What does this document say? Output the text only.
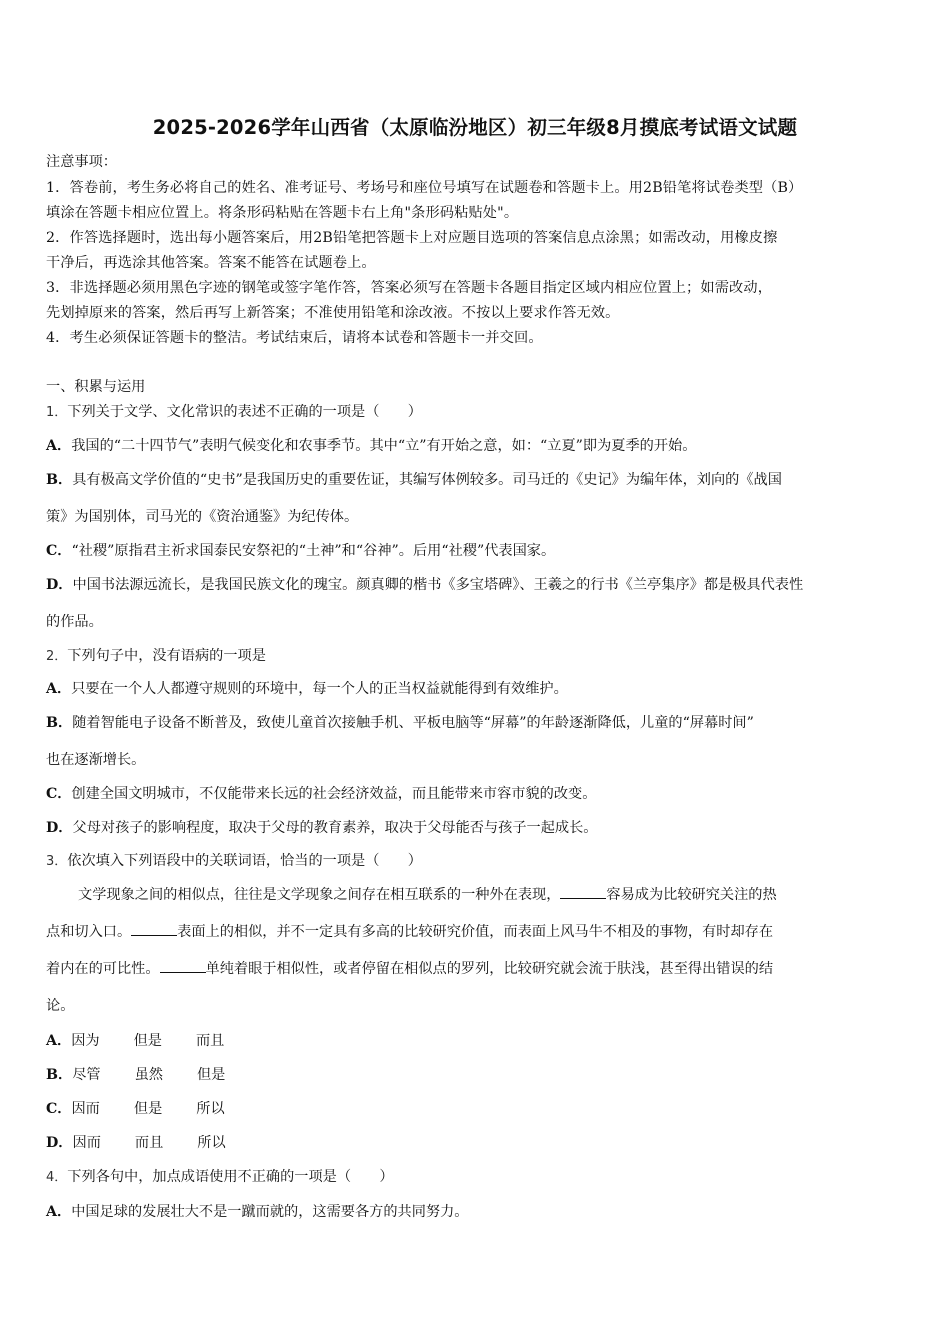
2025-2026学年山西省（太原临汾地区）初三年级8月摸底考试语文试题
注意事项：
1．答卷前，考生务必将自己的姓名、准考证号、考场号和座位号填写在试题卷和答题卡上。用2B铅笔将试卷类型（B）
填涂在答题卡相应位置上。将条形码粘贴在答题卡右上角"条形码粘贴处"。
2．作答选择题时，选出每小题答案后，用2B铅笔把答题卡上对应题目选项的答案信息点涂黑；如需改动，用橡皮擦
干净后，再选涂其他答案。答案不能答在试题卷上。
3．非选择题必须用黑色字迹的钢笔或签字笔作答，答案必须写在答题卡各题目指定区域内相应位置上；如需改动，
先划掉原来的答案，然后再写上新答案；不准使用铅笔和涂改液。不按以上要求作答无效。
4．考生必须保证答题卡的整洁。考试结束后，请将本试卷和答题卡一并交回。
一、积累与运用
1．下列关于文学、文化常识的表述不正确的一项是（　　）
A．我国的“二十四节气”表明气候变化和农事季节。其中“立”有开始之意，如：“立夏”即为夏季的开始。
B．具有极高文学价值的“史书”是我国历史的重要佐证，其编写体例较多。司马迁的《史记》为编年体，刘向的《战国
策》为国别体，司马光的《资治通鉴》为纪传体。
C．“社稷”原指君主祈求国泰民安祭祀的“土神”和“谷神”。后用“社稷”代表国家。
D．中国书法源远流长，是我国民族文化的瑰宝。颜真卿的楷书《多宝塔碑》、王羲之的行书《兰亭集序》都是极具代表性
的作品。
2．下列句子中，没有语病的一项是
A．只要在一个人人都遵守规则的环境中，每一个人的正当权益就能得到有效维护。
B．随着智能电子设备不断普及，致使儿童首次接触手机、平板电脑等“屏幕”的年龄逐渐降低，儿童的“屏幕时间”
也在逐渐增长。
C．创建全国文明城市，不仅能带来长远的社会经济效益，而且能带来市容市貌的改变。
D．父母对孩子的影响程度，取决于父母的教育素养，取决于父母能否与孩子一起成长。
3．依次填入下列语段中的关联词语，恰当的一项是（　　）
文学现象之间的相似点，往往是文学现象之间存在相互联系的一种外在表现，	容易成为比较研究关注的热
点和切入口。	表面上的相似，并不一定具有多高的比较研究价值，而表面上风马牛不相及的事物，有时却存在
着内在的可比性。	单纯着眼于相似性，或者停留在相似点的罗列，比较研究就会流于肤浅，甚至得出错误的结
论。
A．因为 但是 而且
B．尽管 虽然 但是
C．因而 但是 所以
D．因而 而且 所以
4．下列各句中，加点成语使用不正确的一项是（　　）
A．中国足球的发展壮大不是一蹴而就的，这需要各方的共同努力。
